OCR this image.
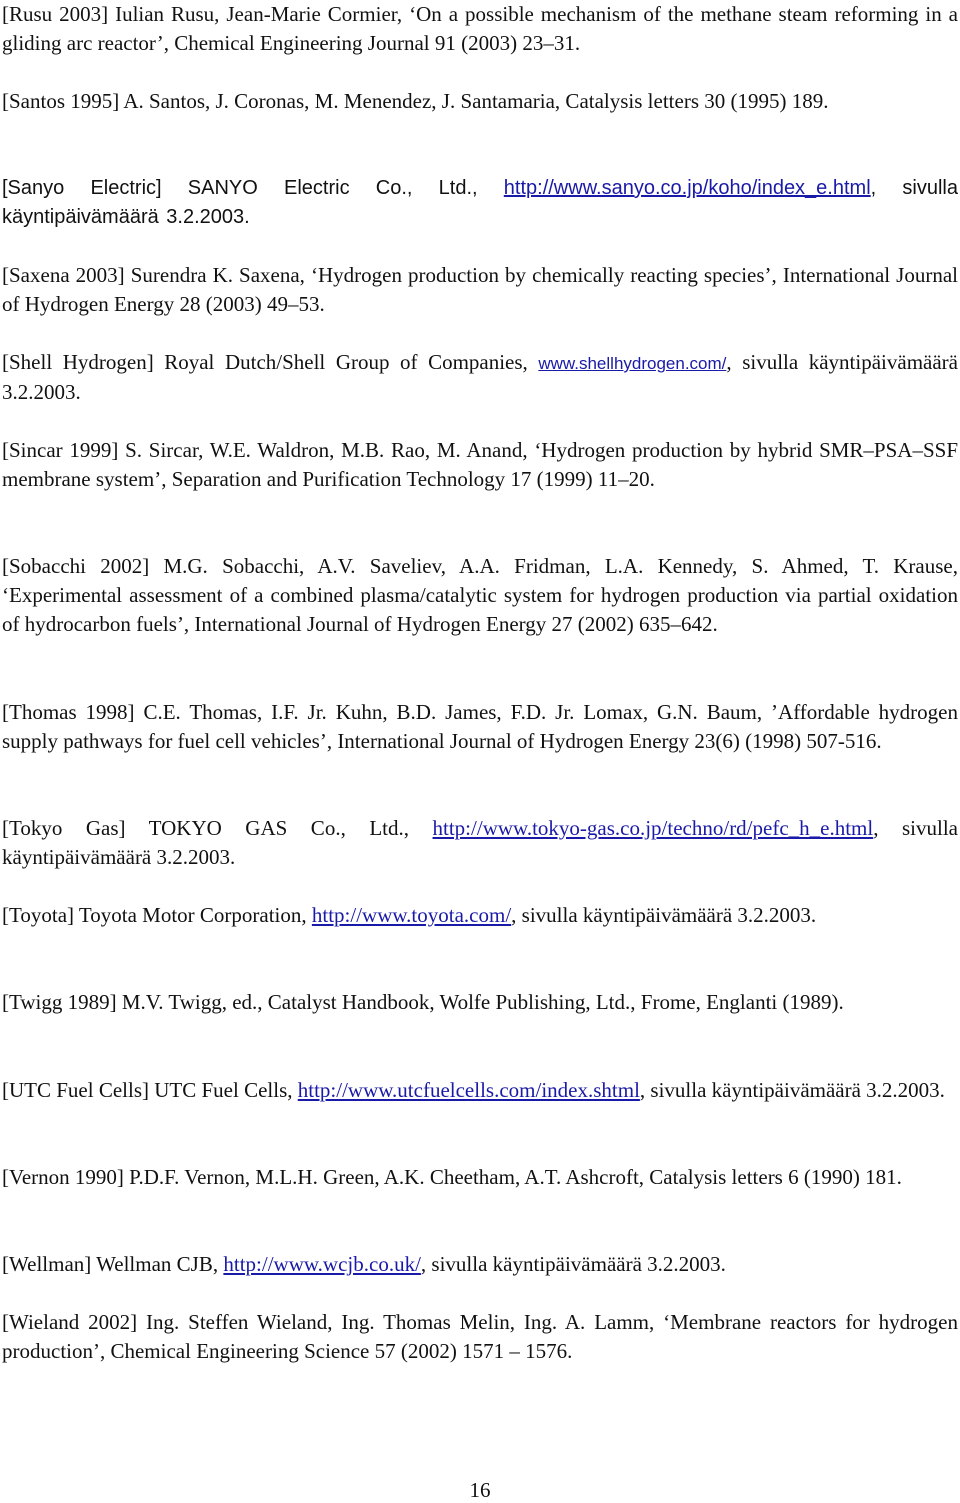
[Rusu 2003] Iulian Rusu, Jean-Marie Cormier, ‘On a possible mechanism of the methane steam reforming in a gliding arc reactor’, Chemical Engineering Journal 91 (2003) 23–31.

[Santos 1995] A. Santos, J. Coronas, M. Menendez, J. Santamaria, Catalysis letters 30 (1995) 189.

[Sanyo Electric] SANYO Electric Co., Ltd., http://www.sanyo.co.jp/koho/index_e.html, sivulla käyntipäivämäärä 3.2.2003.

[Saxena 2003] Surendra K. Saxena, ‘Hydrogen production by chemically reacting species’, International Journal of Hydrogen Energy 28 (2003) 49–53.

[Shell Hydrogen] Royal Dutch/Shell Group of Companies, www.shellhydrogen.com/, sivulla käyntipäivämäärä 3.2.2003.

[Sincar 1999] S. Sircar, W.E. Waldron, M.B. Rao, M. Anand, ‘Hydrogen production by hybrid SMR–PSA–SSF membrane system’, Separation and Purification Technology 17 (1999) 11–20.

[Sobacchi 2002] M.G. Sobacchi, A.V. Saveliev, A.A. Fridman, L.A. Kennedy, S. Ahmed, T. Krause, ‘Experimental assessment of a combined plasma/catalytic system for hydrogen production via partial oxidation of hydrocarbon fuels’, International Journal of Hydrogen Energy 27 (2002) 635–642.

[Thomas 1998] C.E. Thomas, I.F. Jr. Kuhn, B.D. James, F.D. Jr. Lomax, G.N. Baum, ’Affordable hydrogen supply pathways for fuel cell vehicles’, International Journal of Hydrogen Energy 23(6) (1998) 507-516.

[Tokyo Gas] TOKYO GAS Co., Ltd., http://www.tokyo-gas.co.jp/techno/rd/pefc_h_e.html, sivulla käyntipäivämäärä 3.2.2003.

[Toyota] Toyota Motor Corporation, http://www.toyota.com/, sivulla käyntipäivämäärä 3.2.2003.

[Twigg 1989] M.V. Twigg, ed., Catalyst Handbook, Wolfe Publishing, Ltd., Frome, Englanti (1989).

[UTC Fuel Cells] UTC Fuel Cells, http://www.utcfuelcells.com/index.shtml, sivulla käyntipäivämäärä 3.2.2003.

[Vernon 1990] P.D.F. Vernon, M.L.H. Green, A.K. Cheetham, A.T. Ashcroft, Catalysis letters 6 (1990) 181.

[Wellman] Wellman CJB, http://www.wcjb.co.uk/, sivulla käyntipäivämäärä 3.2.2003.

[Wieland 2002] Ing. Steffen Wieland, Ing. Thomas Melin, Ing. A. Lamm, ‘Membrane reactors for hydrogen production’, Chemical Engineering Science 57 (2002) 1571 – 1576.

16
